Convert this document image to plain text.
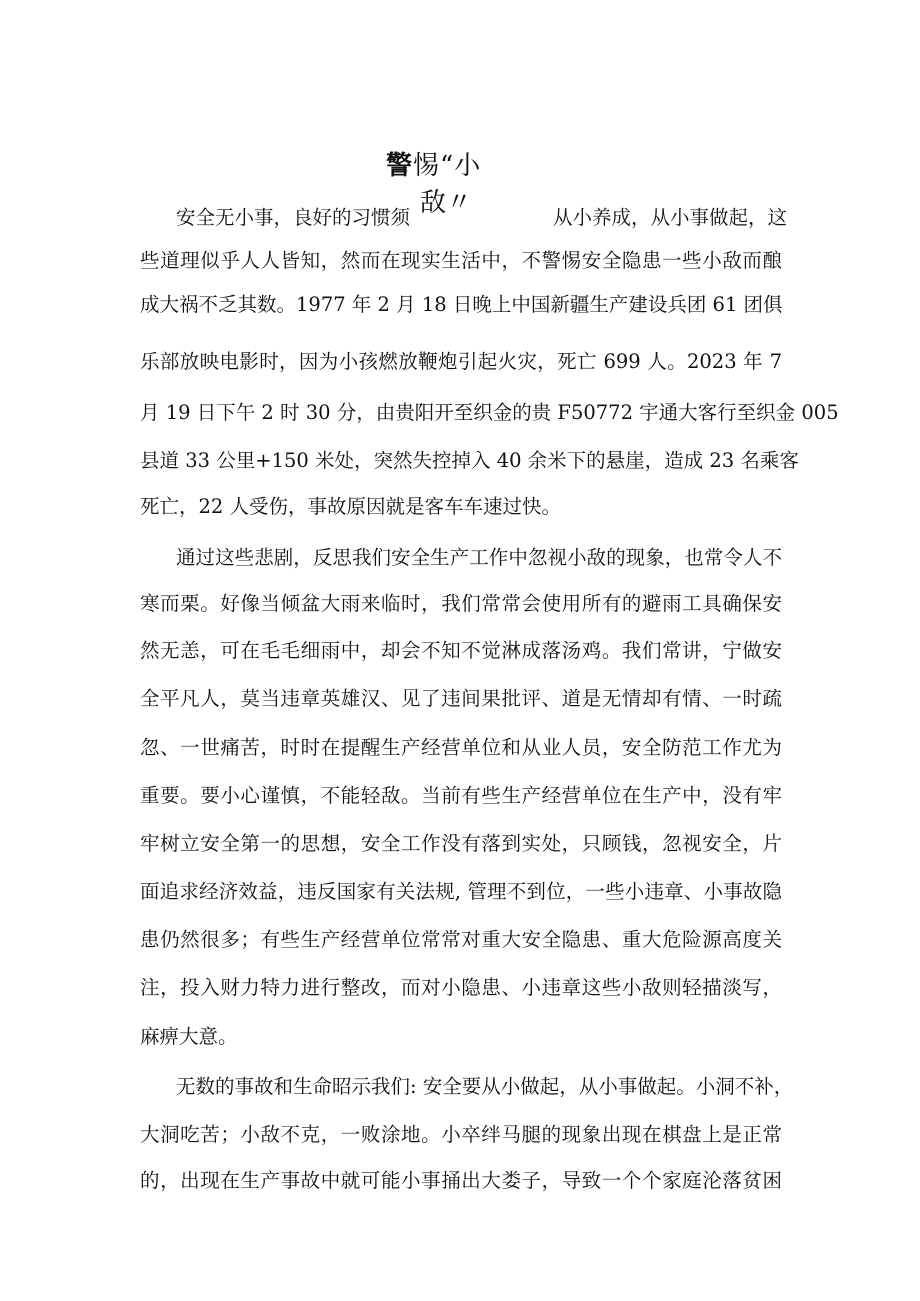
警惕“小
敌〃
安全无小事，良好的习惯须	从小养成，从小事做起，这
些道理似乎人人皆知，然而在现实生活中，不警惕安全隐患一些小敌而酿
成大祸不乏其数。1977 年 2 月 18 日晚上中国新疆生产建设兵团 61 团俱
乐部放映电影时，因为小孩燃放鞭炮引起火灾，死亡 699 人。2023 年 7
月 19 日下午 2 时 30 分，由贵阳开至织金的贵 F50772 宇通大客行至织金 005
县道 33 公里+150 米处，突然失控掉入 40 余米下的悬崖，造成 23 名乘客
死亡，22 人受伤，事故原因就是客车车速过快。
通过这些悲剧，反思我们安全生产工作中忽视小敌的现象，也常令人不
寒而栗。好像当倾盆大雨来临时，我们常常会使用所有的避雨工具确保安
然无恙，可在毛毛细雨中，却会不知不觉淋成落汤鸡。我们常讲，宁做安
全平凡人，莫当违章英雄汉、见了违间果批评、道是无情却有情、一时疏
忽、一世痛苦，时时在提醒生产经营单位和从业人员，安全防范工作尤为
重要。要小心谨慎，不能轻敌。当前有些生产经营单位在生产中，没有牢
牢树立安全第一的思想，安全工作没有落到实处，只顾钱，忽视安全，片
面追求经济效益，违反国家有关法规, 管理不到位，一些小违章、小事故隐
患仍然很多；有些生产经营单位常常对重大安全隐患、重大危险源高度关
注，投入财力特力进行整改，而对小隐患、小违章这些小敌则轻描淡写，
麻痹大意。
无数的事故和生命昭示我们: 安全要从小做起，从小事做起。小洞不补，
大洞吃苦；小敌不克，一败涂地。小卒绊马腿的现象出现在棋盘上是正常
的，出现在生产事故中就可能小事捅出大娄子，导致一个个家庭沦落贫困
